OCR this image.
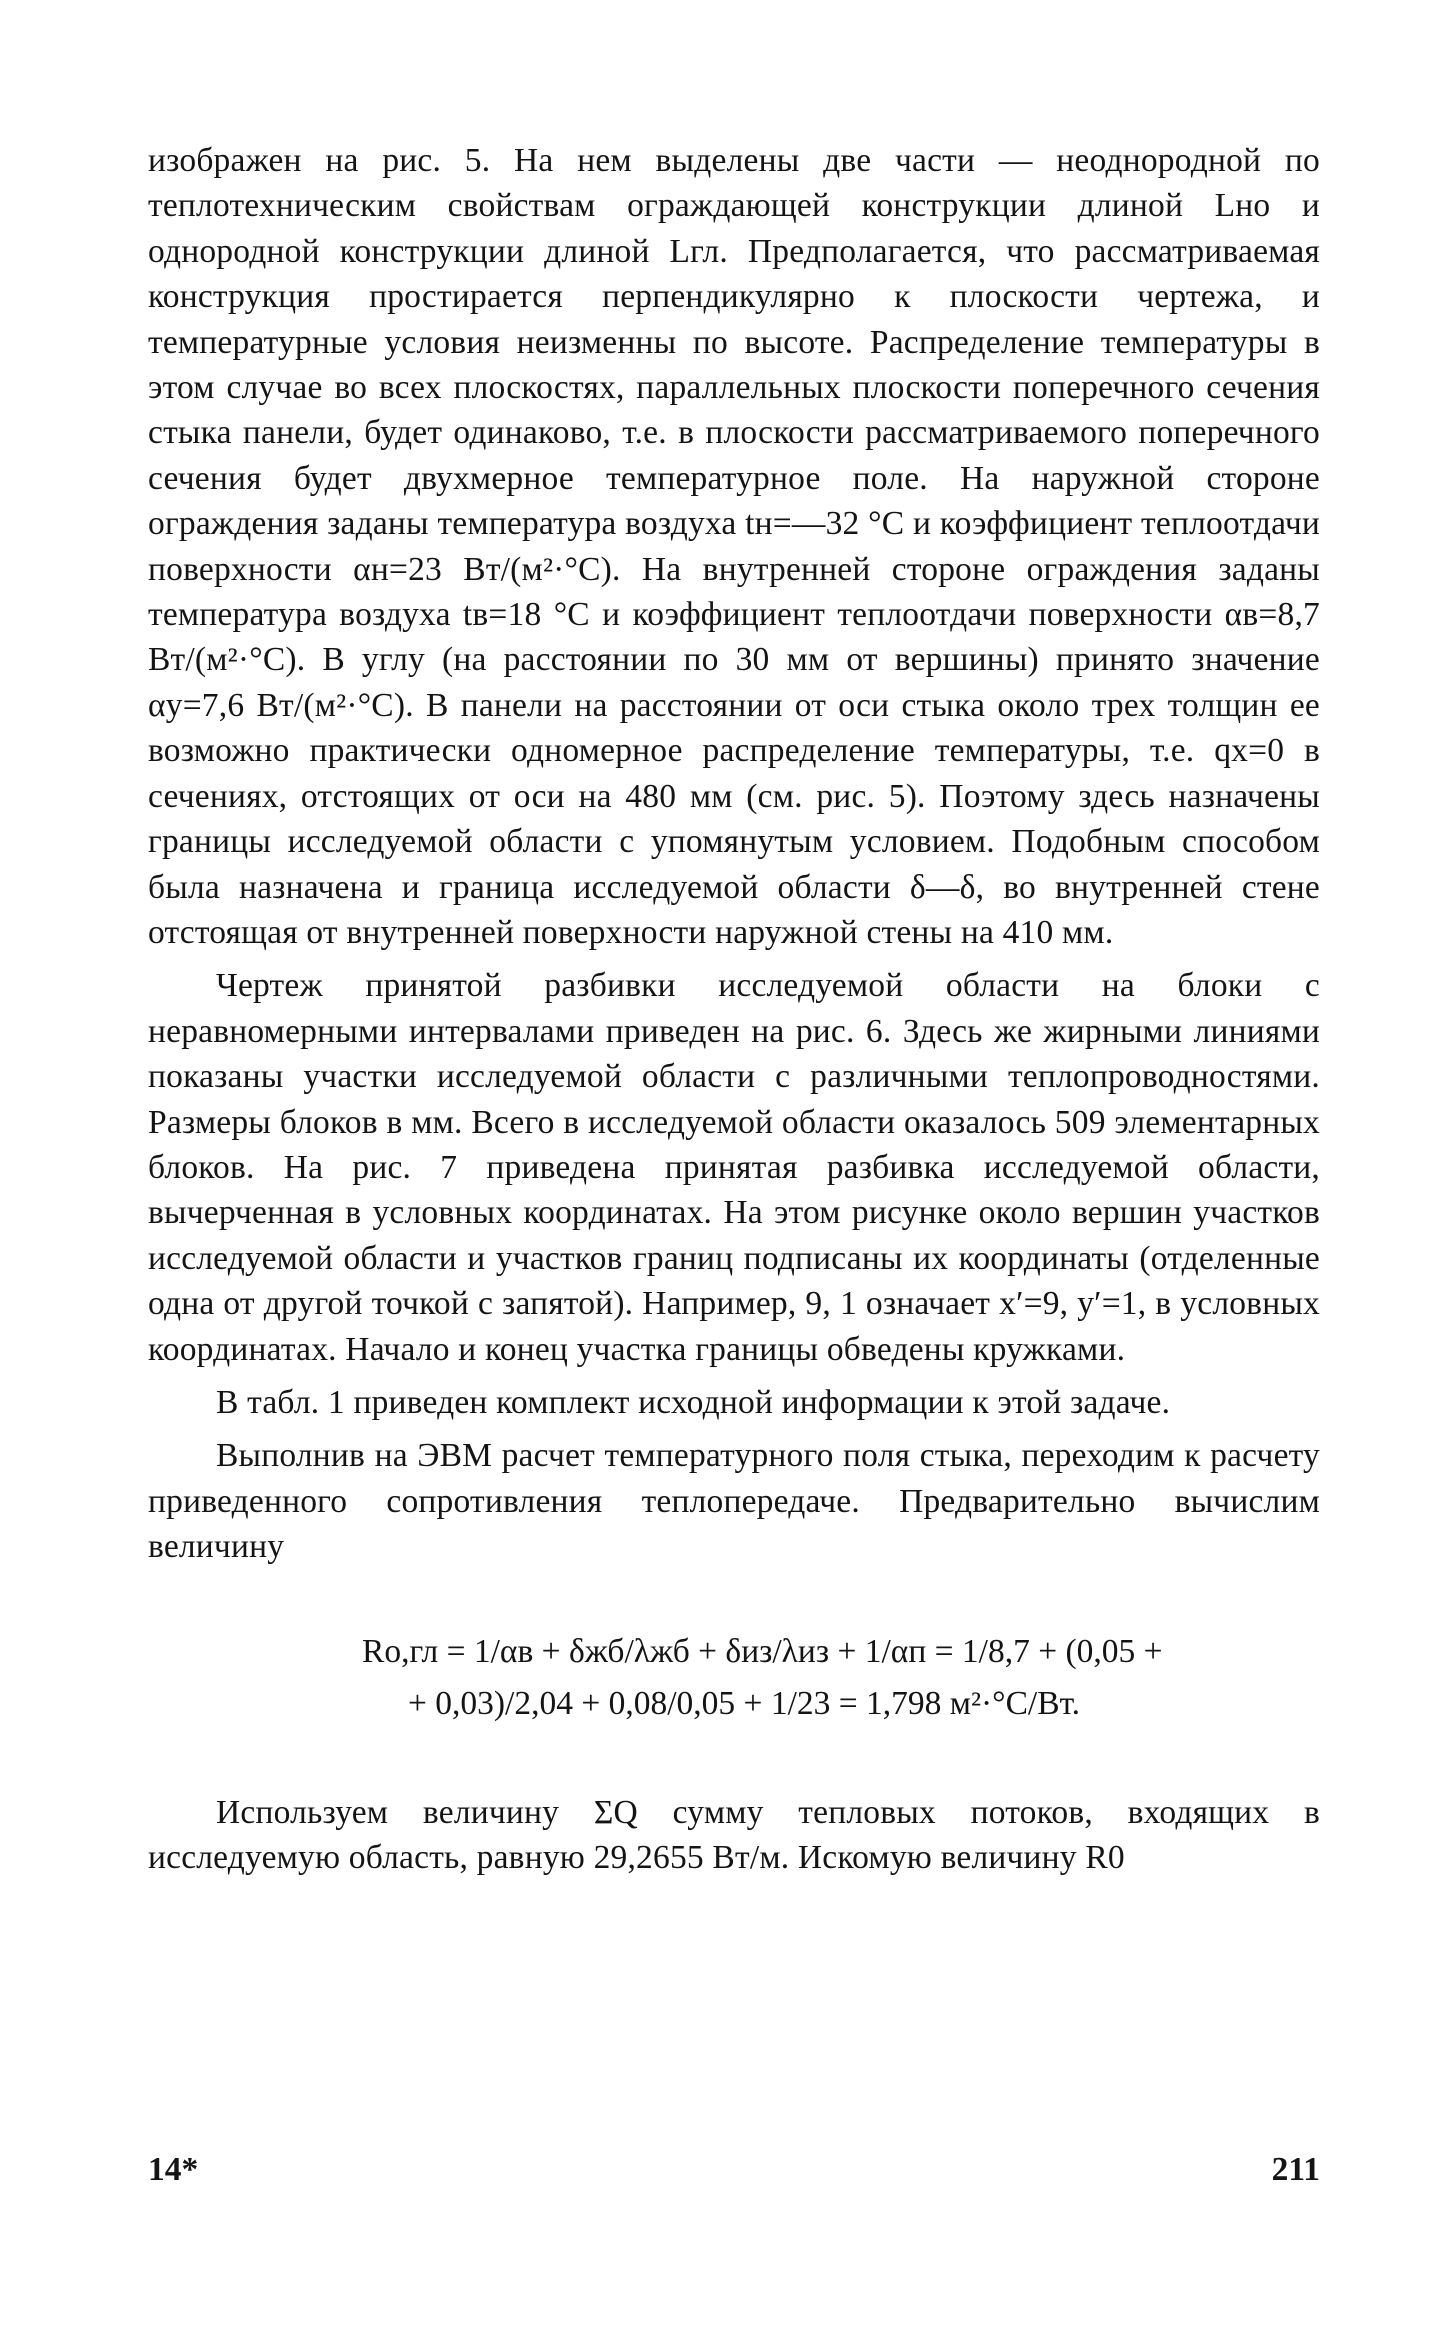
изображен на рис. 5. На нем выделены две части — неоднородной по теплотехническим свойствам ограждающей конструкции длиной Lно и однородной конструкции длиной Lгл. Предполагается, что рассматриваемая конструкция простирается перпендикулярно к плоскости чертежа, и температурные условия неизменны по высоте. Распределение температуры в этом случае во всех плоскостях, параллельных плоскости поперечного сечения стыка панели, будет одинаково, т.е. в плоскости рассматриваемого поперечного сечения будет двухмерное температурное поле. На наружной стороне ограждения заданы температура воздуха tн=—32 °С и коэффициент теплоотдачи поверхности αн=23 Вт/(м²·°С). На внутренней стороне ограждения заданы температура воздуха tв=18 °С и коэффициент теплоотдачи поверхности αв=8,7 Вт/(м²·°С). В углу (на расстоянии по 30 мм от вершины) принято значение αу=7,6 Вт/(м²·°С). В панели на расстоянии от оси стыка около трех толщин ее возможно практически одномерное распределение температуры, т.е. qx=0 в сечениях, отстоящих от оси на 480 мм (см. рис. 5). Поэтому здесь назначены границы исследуемой области с упомянутым условием. Подобным способом была назначена и граница исследуемой области δ—δ, во внутренней стене отстоящая от внутренней поверхности наружной стены на 410 мм.

Чертеж принятой разбивки исследуемой области на блоки с неравномерными интервалами приведен на рис. 6. Здесь же жирными линиями показаны участки исследуемой области с различными теплопроводностями. Размеры блоков в мм. Всего в исследуемой области оказалось 509 элементарных блоков. На рис. 7 приведена принятая разбивка исследуемой области, вычерченная в условных координатах. На этом рисунке около вершин участков исследуемой области и участков границ подписаны их координаты (отделенные одна от другой точкой с запятой). Например, 9, 1 означает x′=9, y′=1, в условных координатах. Начало и конец участка границы обведены кружками.

В табл. 1 приведен комплект исходной информации к этой задаче.

Выполнив на ЭВМ расчет температурного поля стыка, переходим к расчету приведенного сопротивления теплопередаче. Предварительно вычислим величину

Rо,гл = 1/αв + δжб/λжб + δиз/λиз + 1/αп = 1/8,7 + (0,05 +
+ 0,03)/2,04 + 0,08/0,05 + 1/23 = 1,798 м²·°С/Вт.

Используем величину ΣQ сумму тепловых потоков, входящих в исследуемую область, равную 29,2655 Вт/м. Искомую величину R0

14*	211
